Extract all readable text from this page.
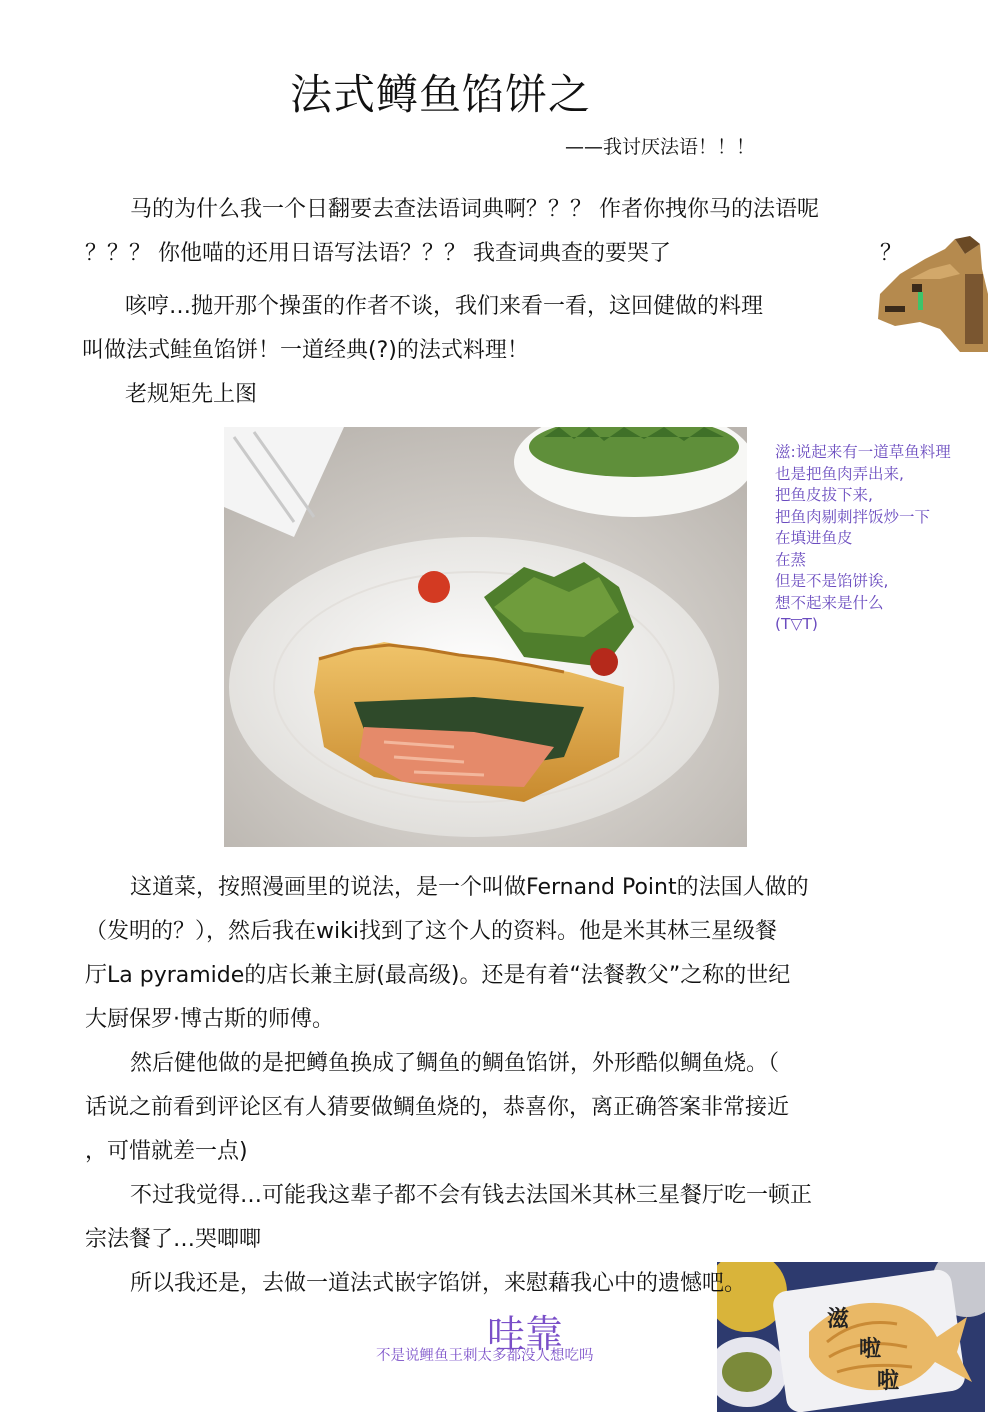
法式鳟鱼馅饼之
——我讨厌法语！！！
马的为什么我一个日翻要去查法语词典啊？？？ 作者你拽你马的法语呢
？？？ 你他喵的还用日语写法语？？？ 我查词典查的要哭了	？
咳哼…抛开那个操蛋的作者不谈，我们来看一看，这回健做的料理
叫做法式鲑鱼馅饼！一道经典(?)的法式料理！
老规矩先上图
滋:说起来有一道草鱼料理
也是把鱼肉弄出来,
把鱼皮拔下来,
把鱼肉剔刺拌饭炒一下
在填进鱼皮
在蒸
但是不是馅饼诶,
想不起来是什么
(T▽T)
这道菜，按照漫画里的说法，是一个叫做Fernand Point的法国人做的
（发明的？），然后我在wiki找到了这个人的资料。他是米其林三星级餐
厅La pyramide的店长兼主厨(最高级)。还是有着“法餐教父”之称的世纪
大厨保罗·博古斯的师傅。
然后健他做的是把鳟鱼换成了鲷鱼的鲷鱼馅饼，外形酷似鲷鱼烧。（
话说之前看到评论区有人猜要做鲷鱼烧的，恭喜你，离正确答案非常接近
，可惜就差一点)
不过我觉得…可能我这辈子都不会有钱去法国米其林三星餐厅吃一顿正
宗法餐了…哭唧唧
滋
啦
啦
所以我还是，去做一道法式嵌字馅饼，来慰藉我心中的遗憾吧。
哇靠
不是说鲤鱼王刺太多都没人想吃吗
